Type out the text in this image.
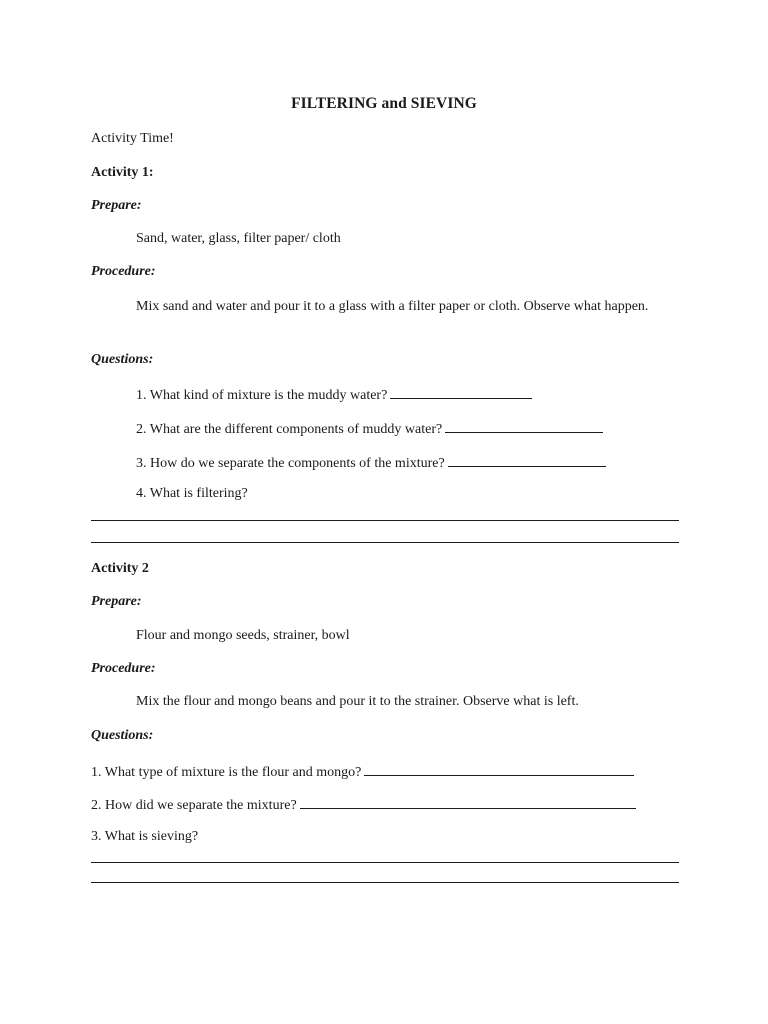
FILTERING and SIEVING
Activity Time!
Activity 1:
Prepare:
Sand, water, glass, filter paper/ cloth
Procedure:
Mix sand and water and pour it to a glass with a filter paper or cloth. Observe what happen.
Questions:
1. What kind of mixture is the muddy water?
2. What are the different components of muddy water?
3. How do we separate the components of the mixture?
4. What is filtering?
Activity 2
Prepare:
Flour and mongo seeds, strainer, bowl
Procedure:
Mix the flour and mongo beans and pour it to the strainer. Observe what is left.
Questions:
1. What type of mixture is the flour and mongo?
2. How did we separate the mixture?
3. What is sieving?
